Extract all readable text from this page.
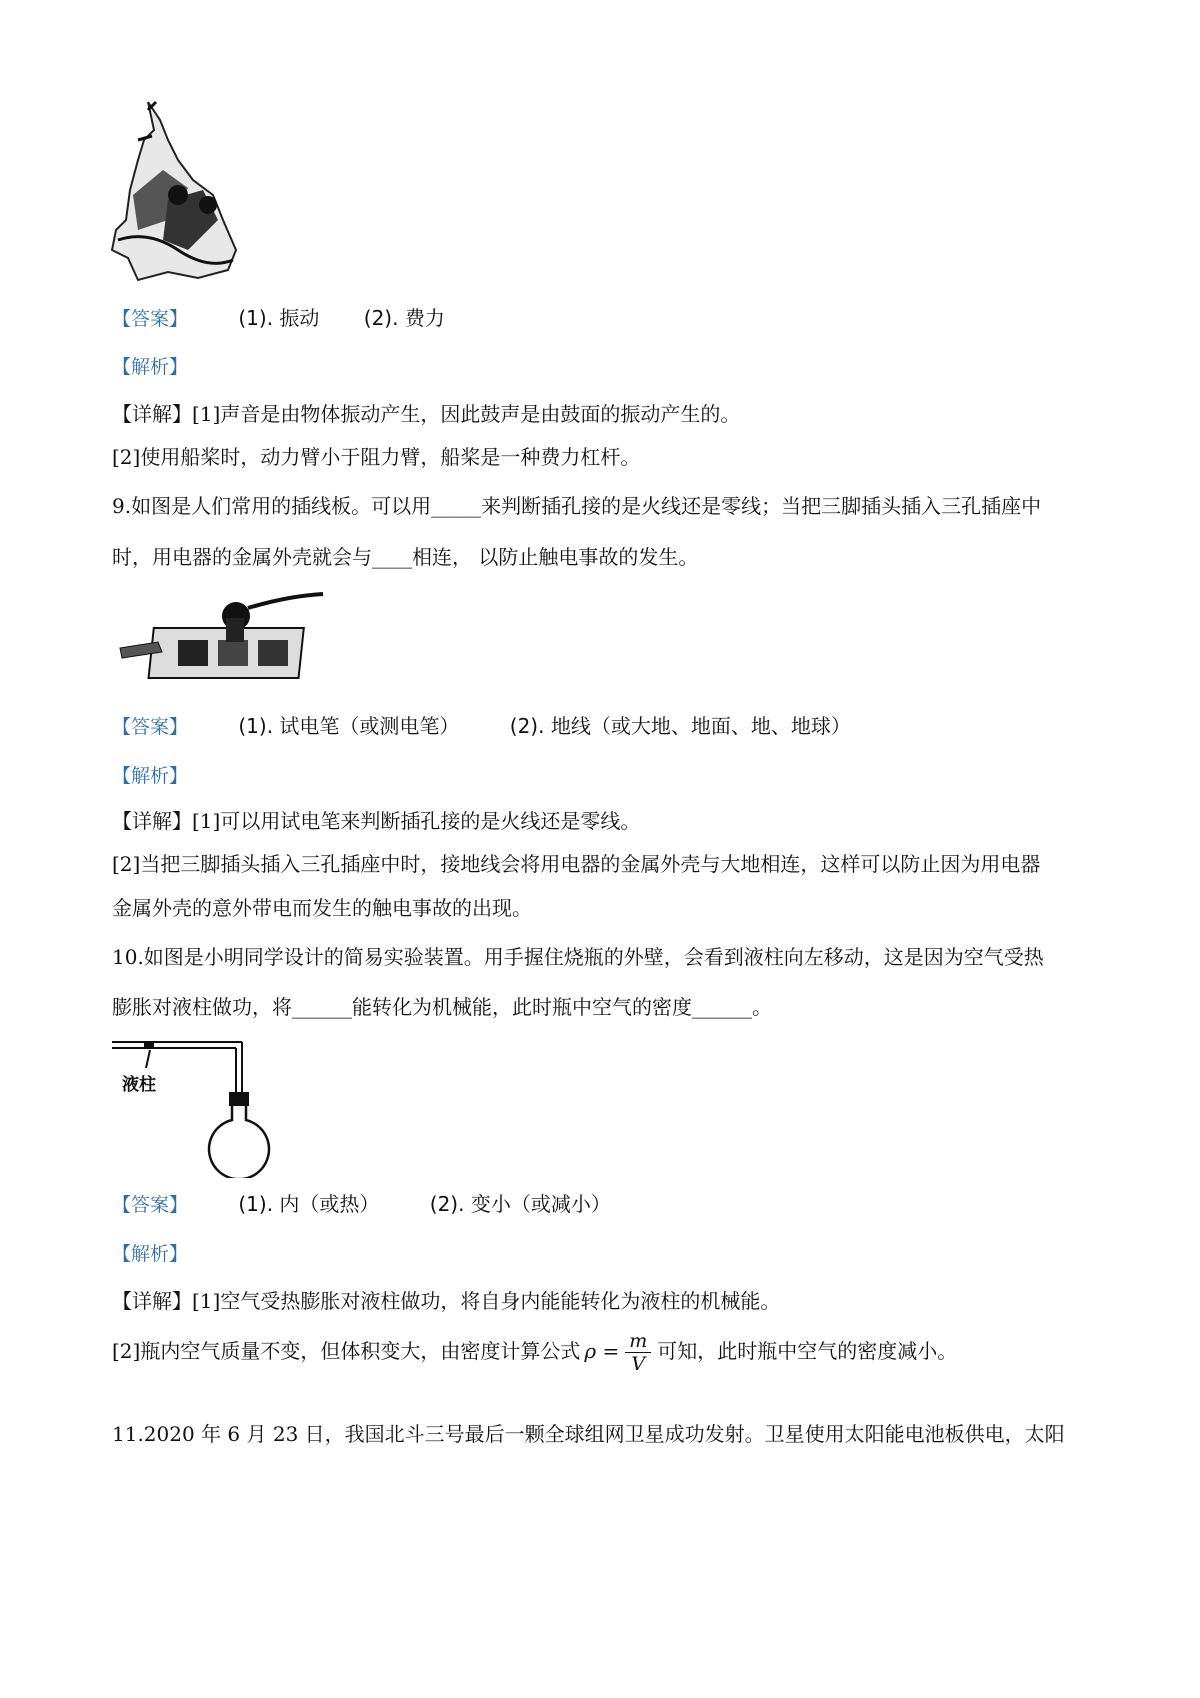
【答案】	(1). 振动 (2). 费力
【解析】
【详解】[1]声音是由物体振动产生，因此鼓声是由鼓面的振动产生的。
[2]使用船桨时，动力臂小于阻力臂，船桨是一种费力杠杆。
9.如图是人们常用的插线板。可以用_____来判断插孔接的是火线还是零线；当把三脚插头插入三孔插座中
时，用电器的金属外壳就会与____相连， 以防止触电事故的发生。
【答案】	(1). 试电笔（或测电笔）	(2). 地线（或大地、地面、地、地球）
【解析】
【详解】[1]可以用试电笔来判断插孔接的是火线还是零线。
[2]当把三脚插头插入三孔插座中时，接地线会将用电器的金属外壳与大地相连，这样可以防止因为用电器
金属外壳的意外带电而发生的触电事故的出现。
10.如图是小明同学设计的简易实验装置。用手握住烧瓶的外壁，会看到液柱向左移动，这是因为空气受热
膨胀对液柱做功，将______能转化为机械能，此时瓶中空气的密度______。
液柱
【答案】	(1). 内（或热）	(2). 变小（或减小）
【解析】
【详解】[1]空气受热膨胀对液柱做功，将自身内能能转化为液柱的机械能。
[2]瓶内空气质量不变，但体积变大，由密度计算公式 $\rho = \frac{m}{V}$ 可知，此时瓶中空气的密度减小。
11.2020 年 6 月 23 日，我国北斗三号最后一颗全球组网卫星成功发射。卫星使用太阳能电池板供电，太阳
